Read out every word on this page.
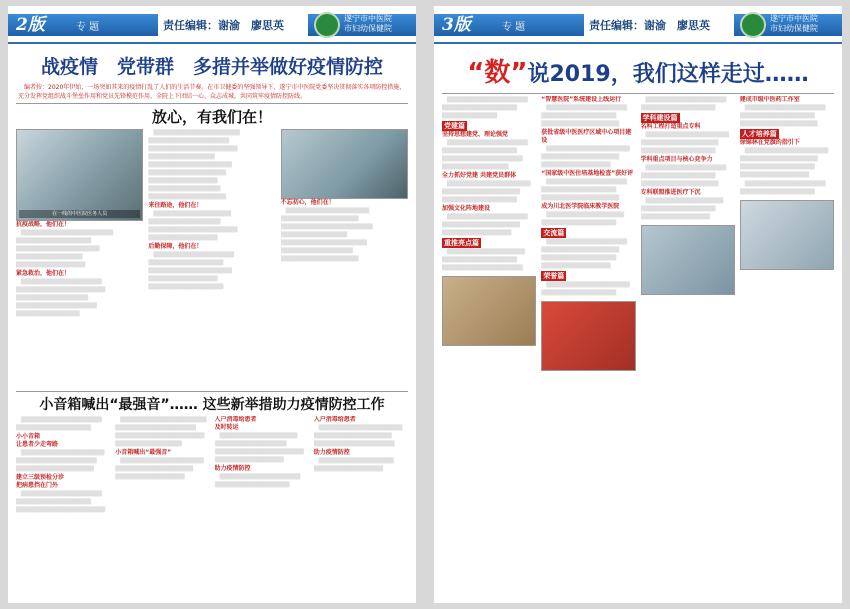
2版	专 题	责任编辑：谢渝　廖思英
遂宁市中医院
市妇幼保健院
战疫情　党带群　多措并举做好疫情防控
编者按：2020年伊始，一场突如其来的疫情打乱了人们的生活节奏。在市卫健委的坚强领导下，遂宁市中医院党委坚决贯彻落实各项防控措施，充分发挥党组织战斗堡垒作用和党员先锋模范作用，全院上下团结一心，众志成城，共同筑牢疫情防控防线。
放心，有我们在！
在一线的中医院医务人员
抗疫战略，他们在！

████████████████████████████████ ██████████████████████████ █████████████████████████████ ███████████████████████ ████████████████████████

紧急救治，他们在！

████████████████████████████ ███████████████████████████████ █████████████████████████ ████████████████████████████ ██████████████████████

██████████████████████████████ ████████████████████████████ ███████████████████████████████ ███████████████████████ █████████████████████████████ ███████████████████████████ ████████████████████████ █████████████████████████ ███████████████████████████

来往路途，他们在！

███████████████████████████ █████████████████████████ ███████████████████████████████ ████████████████████████

后勤保障，他们在！

████████████████████████████ ██████████████████████████ █████████████████████████████ ████████████████████████ ██████████████████████████

不忘初心，他们在！

█████████████████████████████ ███████████████████████████ ████████████████████████████████ ███████████████████████ ██████████████████████████████ █████████████████████████ ███████████████████████████

小音箱喊出“最强音”…… 这些新举措助力疫情防控工作

████████████████████████████ ██████████████████████████

小小音箱
让患者少走弯路

█████████████████████████████ ████████████████████████████ ███████████████████████████

建立三级预检分诊
把病患挡在门外

████████████████████████████ ██████████████████████████ ███████████████████████████████

██████████████████████████████ ████████████████████████████ ███████████████████████████████ ███████████████████████

小音箱喊出“最强音”

█████████████████████████████ ███████████████████████████ ████████████████████████

入户消毒给患者
及时转运

███████████████████████████ █████████████████████████ ███████████████████████████████ ████████████████████████

助力疫情防控

████████████████████████████ ██████████████████████████

入户消毒给患者

█████████████████████████████ ███████████████████████████ ████████████████████████████

助力疫情防控

██████████████████████████ ████████████████████████

3版	专 题	责任编辑：谢渝　廖思英
遂宁市中医院
市妇幼保健院
“数”说2019，我们这样走过……

████████████████████████████ ██████████████████████████ ███████████████████

党建篇
坚持思想建党、理论强党

████████████████████████████ ██████████████████████████ ████████████████████████████ ███████████████████████

全力抓好党建 共建党员群体

█████████████████████████████ ███████████████████████████ ██████████████████████████

加强文化阵地建设

████████████████████████████ ███████████████████████████ ████████████████████████

重推亮点篇

███████████████████████████ ██████████████████████████ ████████████████████████████

“智慧医院”系统建设上线运行

████████████████████████████ ██████████████████████████ ███████████████████████████

获批省级中医医疗区域中心项目建设

█████████████████████████████ ███████████████████████████ ████████████████████████

“国家级中医住培基地检查”获好评

████████████████████████████ ██████████████████████████ ███████████████████████████

成为川北医学院临床教学医院

███████████████████████████ ██████████████████████████

交流篇

████████████████████████████ ███████████████████████████ ██████████████████████████ ████████████████████████

荣誉篇

█████████████████████████████ ██████████████████████████

████████████████████████████ ██████████████████████████

学科建设篇
名科工程打造重点专科

█████████████████████████████ ███████████████████████████ ██████████████████████████

学科重点项目与核心竞争力

████████████████████████████ ██████████████████████████ ███████████████████████████

专科联盟推进医疗下沉

███████████████████████████ ██████████████████████████ ████████████████████████

建成市级中医药工作室

████████████████████████████ ██████████████████████████ ███████████████████████████

人才培养篇
徐锦林在党旗的指引下

█████████████████████████████ ███████████████████████████ ██████████████████████████ ████████████████████████

████████████████████████████ ██████████████████████████
